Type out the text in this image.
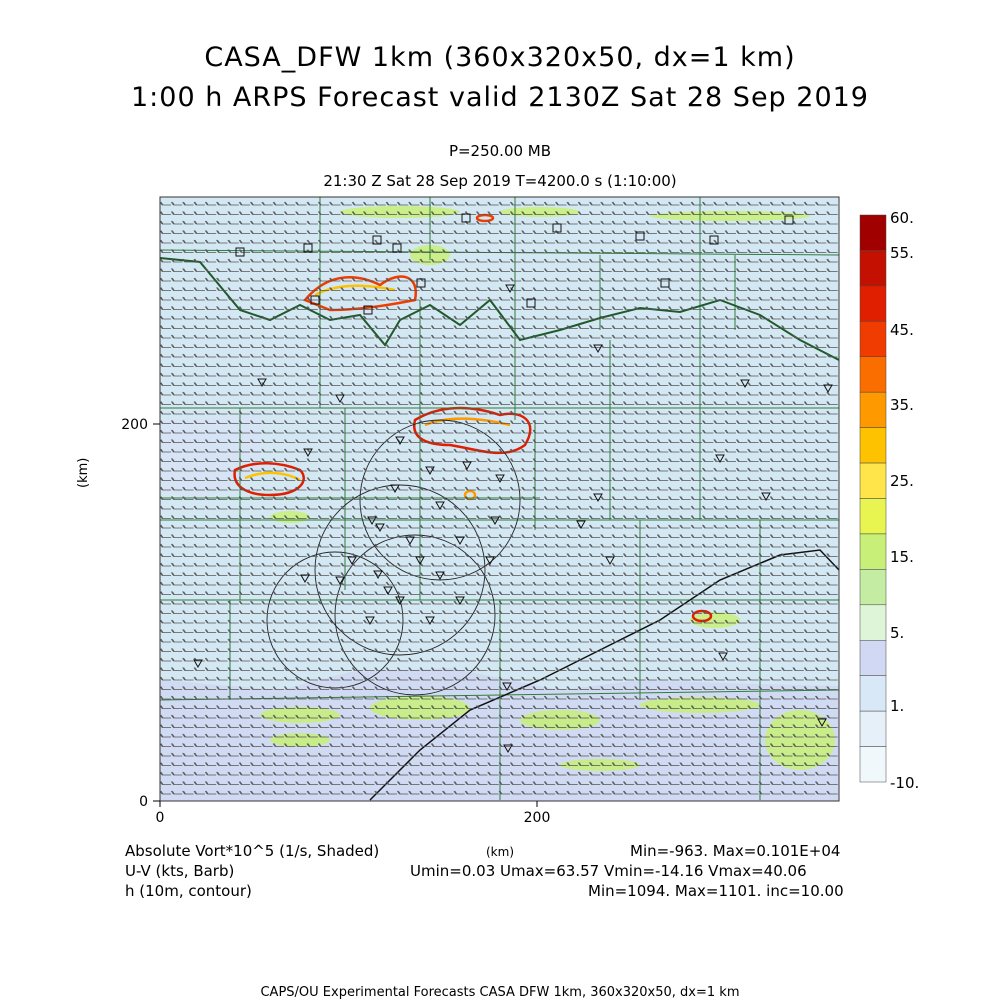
CASA_DFW 1km (360x320x50, dx=1 km)
1:00 h ARPS Forecast valid 2130Z Sat 28 Sep 2019
P=250.00 MB
21:30 Z Sat 28 Sep 2019 T=4200.0 s (1:10:00)
0	200
0
200
60.
55.
45.
35.
25.
15.
5.
1.
-10.
(km)
Absolute Vort*10^5 (1/s, Shaded)
U-V (kts, Barb)
h (10m, contour)
(km)	Min=-963. Max=0.101E+04
Umin=0.03 Umax=63.57 Vmin=-14.16 Vmax=40.06
Min=1094. Max=1101. inc=10.00
CAPS/OU Experimental Forecasts CASA DFW 1km, 360x320x50, dx=1 km
